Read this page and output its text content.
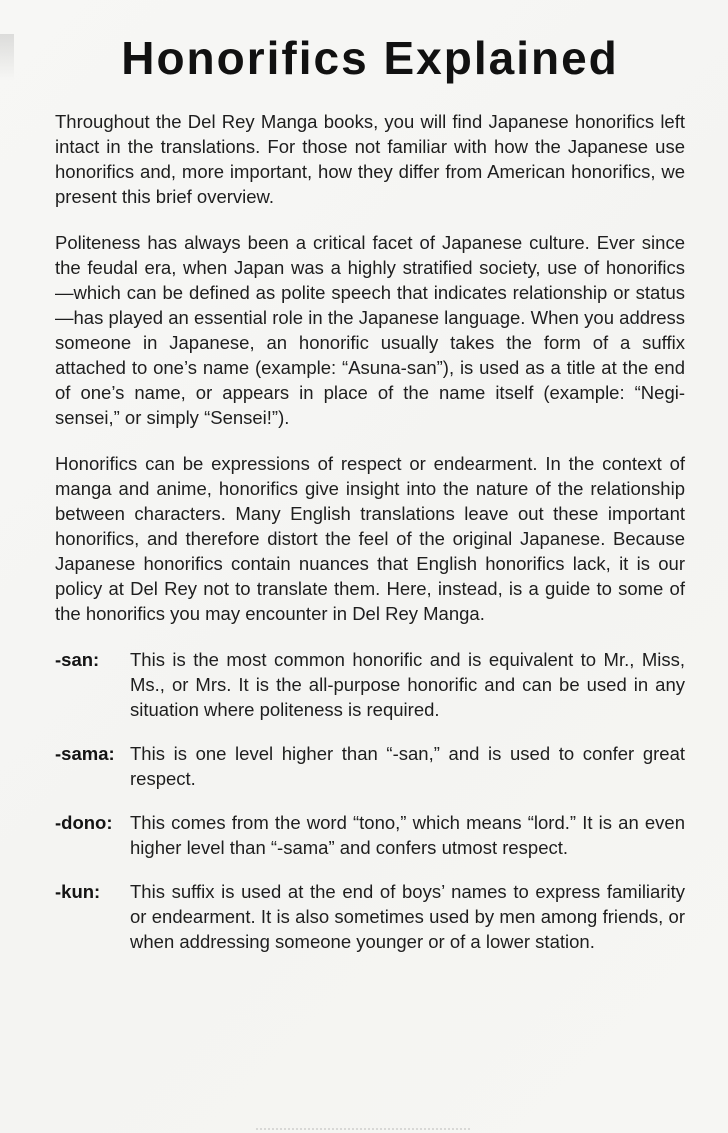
Honorifics Explained

Throughout the Del Rey Manga books, you will find Japanese honorifics left intact in the translations. For those not familiar with how the Japanese use honorifics and, more important, how they differ from American honorifics, we present this brief overview.

Politeness has always been a critical facet of Japanese culture. Ever since the feudal era, when Japan was a highly stratified society, use of honorifics—which can be defined as polite speech that indicates relationship or status—has played an essential role in the Japanese language. When you address someone in Japanese, an honorific usually takes the form of a suffix attached to one’s name (example: “Asuna-san”), is used as a title at the end of one’s name, or appears in place of the name itself (example: “Negi-sensei,” or simply “Sensei!”).

Honorifics can be expressions of respect or endearment. In the context of manga and anime, honorifics give insight into the nature of the relationship between characters. Many English translations leave out these important honorifics, and therefore distort the feel of the original Japanese. Because Japanese honorifics contain nuances that English honorifics lack, it is our policy at Del Rey not to translate them. Here, instead, is a guide to some of the honorifics you may encounter in Del Rey Manga.

-san:	This is the most common honorific and is equivalent to Mr., Miss, Ms., or Mrs. It is the all-purpose honorific and can be used in any situation where politeness is required.
-sama: This is one level higher than “-san,” and is used to confer great respect.
-dono: This comes from the word “tono,” which means “lord.” It is an even higher level than “-sama” and confers utmost respect.
-kun:	This suffix is used at the end of boys’ names to express familiarity or endearment. It is also sometimes used by men among friends, or when addressing someone younger or of a lower station.
